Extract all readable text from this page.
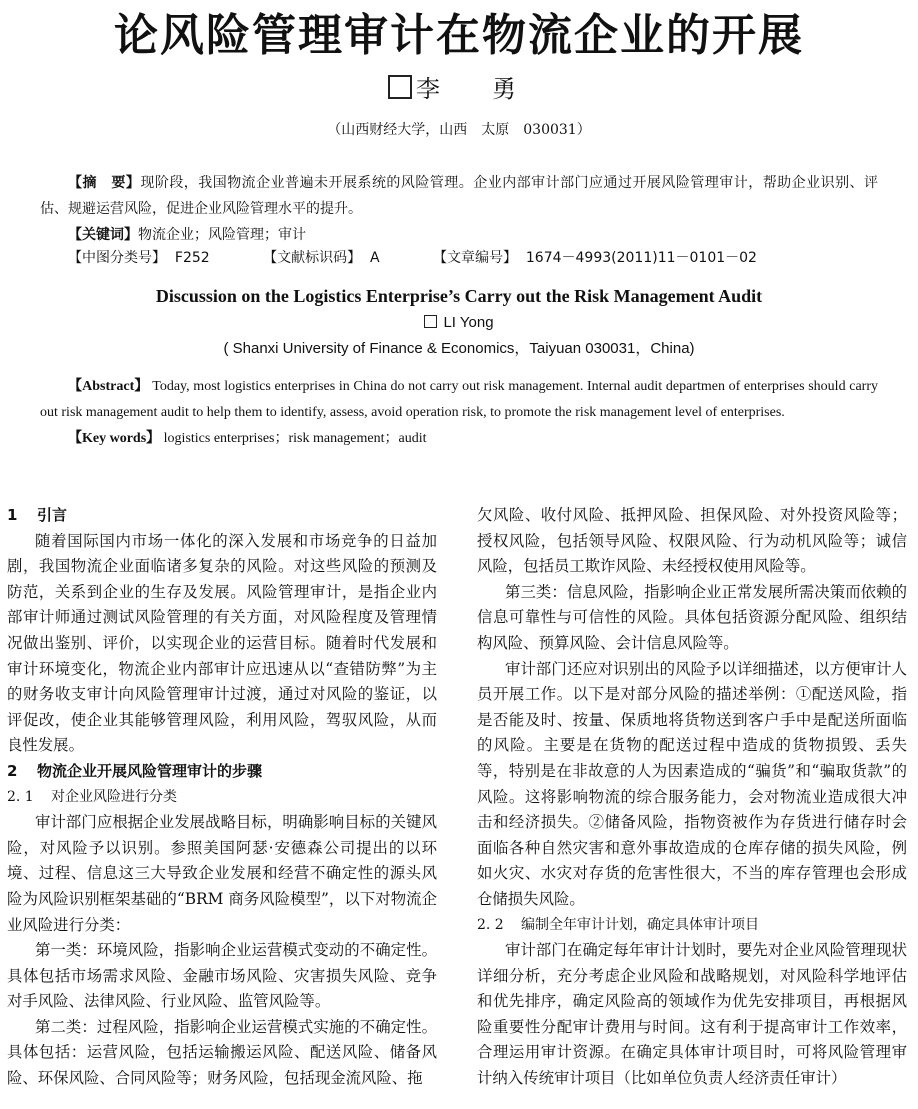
论风险管理审计在物流企业的开展
李　勇
（山西财经大学，山西　太原　030031）

【摘　要】现阶段，我国物流企业普遍未开展系统的风险管理。企业内部审计部门应通过开展风险管理审计，帮助企业识别、评估、规避运营风险，促进企业风险管理水平的提升。

【关键词】物流企业；风险管理；审计

【中图分类号】 F252	【文献标识码】 A	【文章编号】 1674－4993(2011)11－0101－02
Discussion on the Logistics Enterprise’s Carry out the Risk Management Audit
LI Yong
( Shanxi University of Finance & Economics，Taiyuan 030031，China)

【Abstract】 Today, most logistics enterprises in China do not carry out risk management. Internal audit departmen of enterprises should carry out risk management audit to help them to identify, assess, avoid operation risk, to promote the risk management level of enterprises.

【Key words】 logistics enterprises；risk management；audit

1 引言

随着国际国内市场一体化的深入发展和市场竞争的日益加剧，我国物流企业面临诸多复杂的风险。对这些风险的预测及防范，关系到企业的生存及发展。风险管理审计，是指企业内部审计师通过测试风险管理的有关方面，对风险程度及管理情况做出鉴别、评价，以实现企业的运营目标。随着时代发展和审计环境变化，物流企业内部审计应迅速从以“查错防弊”为主的财务收支审计向风险管理审计过渡，通过对风险的鉴证，以评促改，使企业其能够管理风险，利用风险，驾驭风险，从而良性发展。

2 物流企业开展风险管理审计的步骤

2. 1 对企业风险进行分类

审计部门应根据企业发展战略目标，明确影响目标的关键风险，对风险予以识别。参照美国阿瑟·安德森公司提出的以环境、过程、信息这三大导致企业发展和经营不确定性的源头风险为风险识别框架基础的“BRM 商务风险模型”，以下对物流企业风险进行分类：

第一类：环境风险，指影响企业运营模式变动的不确定性。具体包括市场需求风险、金融市场风险、灾害损失风险、竞争对手风险、法律风险、行业风险、监管风险等。

第二类：过程风险，指影响企业运营模式实施的不确定性。具体包括：运营风险，包括运输搬运风险、配送风险、储备风险、环保风险、合同风险等；财务风险，包括现金流风险、拖

欠风险、收付风险、抵押风险、担保风险、对外投资风险等；授权风险，包括领导风险、权限风险、行为动机风险等；诚信风险，包括员工欺诈风险、未经授权使用风险等。

第三类：信息风险，指影响企业正常发展所需决策而依赖的信息可靠性与可信性的风险。具体包括资源分配风险、组织结构风险、预算风险、会计信息风险等。

审计部门还应对识别出的风险予以详细描述，以方便审计人员开展工作。以下是对部分风险的描述举例：①配送风险，指是否能及时、按量、保质地将货物送到客户手中是配送所面临的风险。主要是在货物的配送过程中造成的货物损毁、丢失等，特别是在非故意的人为因素造成的“骗货”和“骗取货款”的风险。这将影响物流的综合服务能力，会对物流业造成很大冲击和经济损失。②储备风险，指物资被作为存货进行储存时会面临各种自然灾害和意外事故造成的仓库存储的损失风险，例如火灾、水灾对存货的危害性很大，不当的库存管理也会形成仓储损失风险。

2. 2 编制全年审计计划，确定具体审计项目

审计部门在确定每年审计计划时，要先对企业风险管理现状详细分析，充分考虑企业风险和战略规划，对风险科学地评估和优先排序，确定风险高的领域作为优先安排项目，再根据风险重要性分配审计费用与时间。这有利于提高审计工作效率，合理运用审计资源。在确定具体审计项目时，可将风险管理审计纳入传统审计项目（比如单位负责人经济责任审计）
